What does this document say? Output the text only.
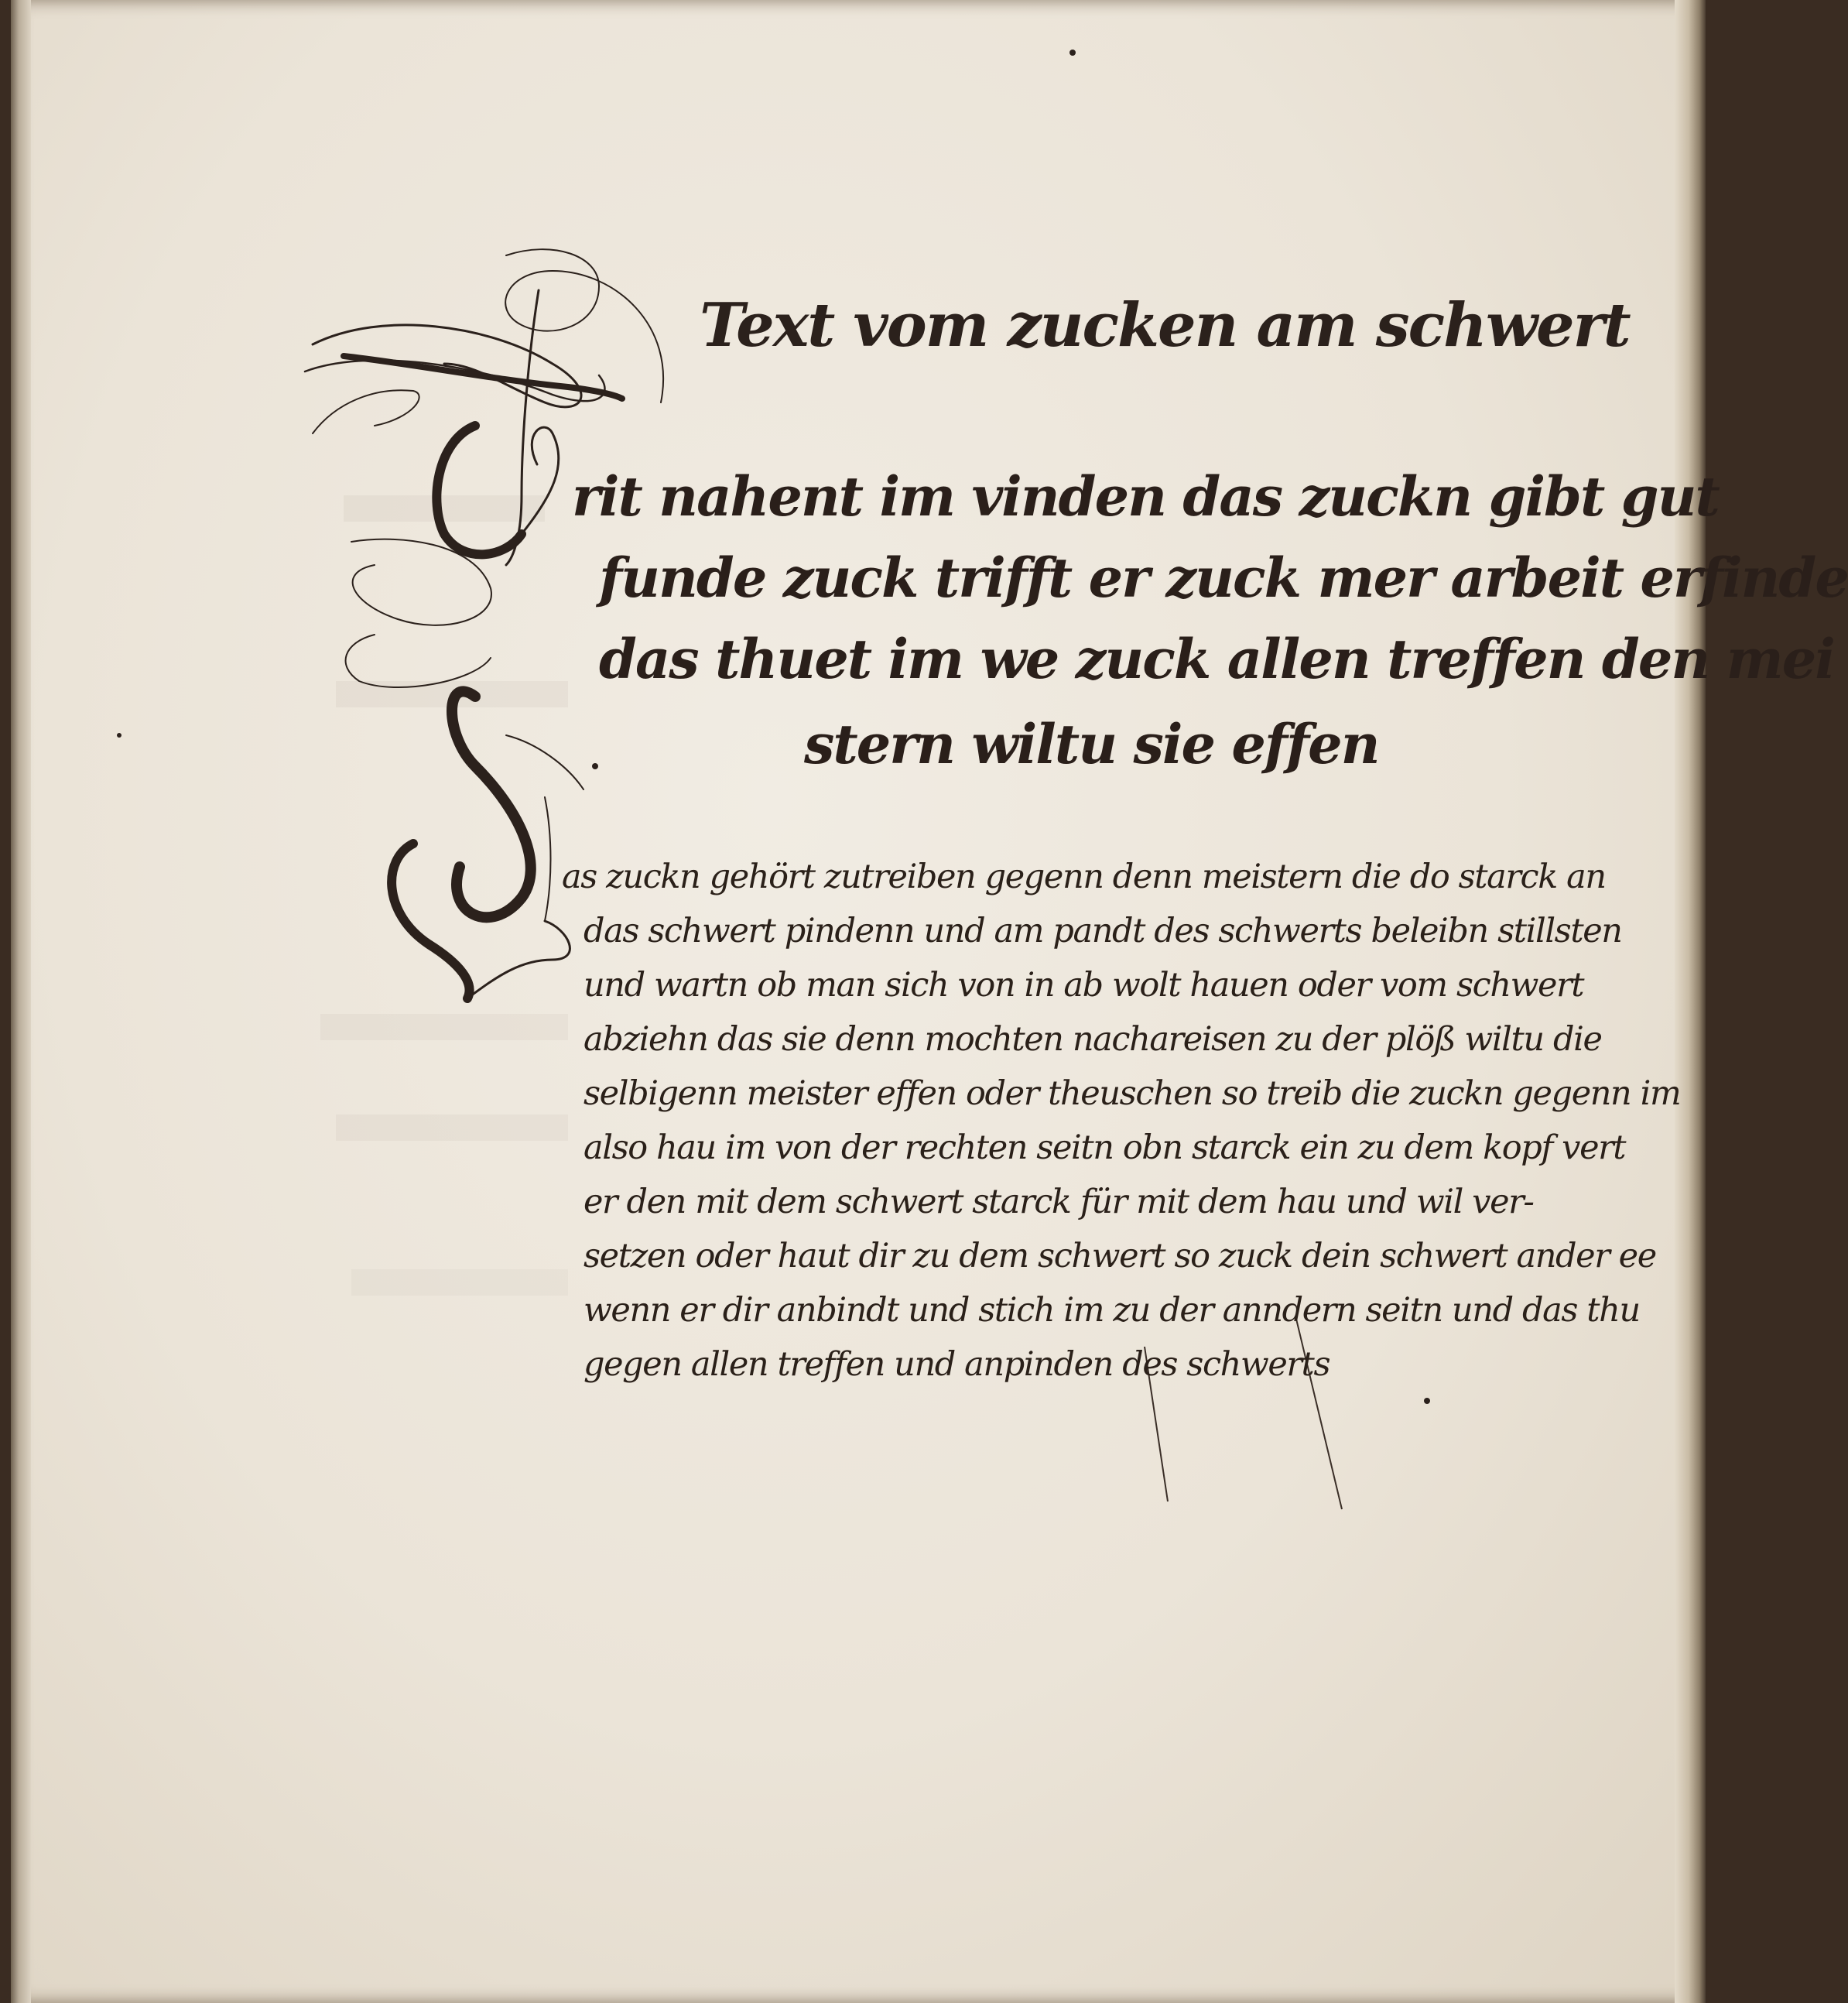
Text vom zucken am schwert
rit nahent im vinden das zuckn gibt gut
funde zuck trifft er zuck mer arbeit erfinde
das thuet im we zuck allen treffen den mei
stern wiltu sie effen
as zuckn gehört zutreiben gegenn denn meistern die do starck an
das schwert pindenn und am pandt des schwerts beleibn stillsten
und wartn ob man sich von in ab wolt hauen oder vom schwert
abziehn das sie denn mochten nachareisen zu der plöß wiltu die
selbigenn meister effen oder theuschen so treib die zuckn gegenn im
also hau im von der rechten seitn obn starck ein zu dem kopf vert
er den mit dem schwert starck für mit dem hau und wil ver-
setzen oder haut dir zu dem schwert so zuck dein schwert ander ee
wenn er dir anbindt und stich im zu der anndern seitn und das thu
gegen allen treffen und anpinden des schwerts
